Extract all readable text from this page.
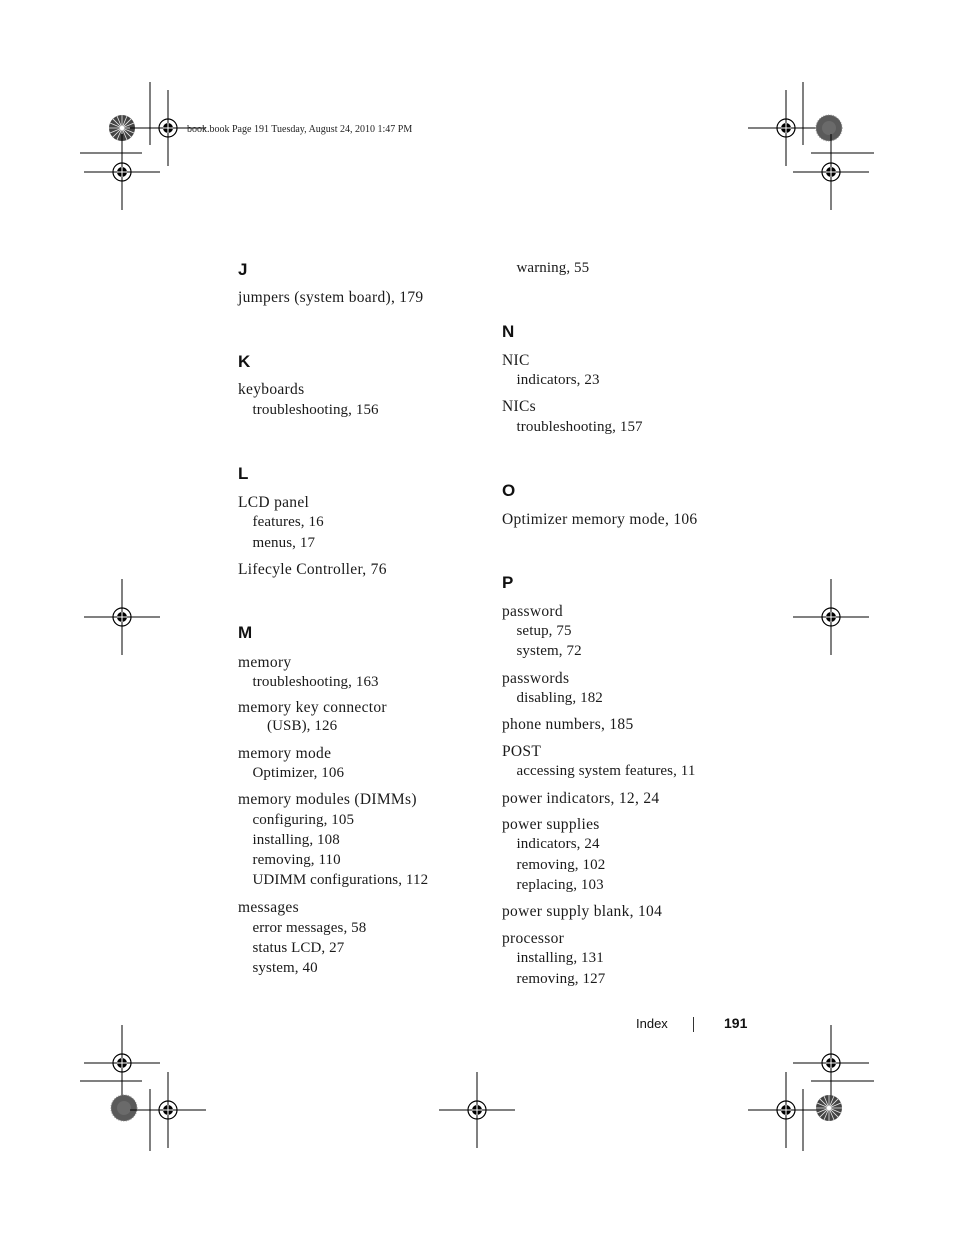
book.book Page 191 Tuesday, August 24, 2010 1:47 PM
Index	191
J
jumpers (system board), 179
K
keyboards
troubleshooting, 156
L
LCD panel
features, 16
menus, 17
Lifecyle Controller, 76
M
memory
troubleshooting, 163
memory key connector
(USB), 126
memory mode
Optimizer, 106
memory modules (DIMMs)
configuring, 105
installing, 108
removing, 110
UDIMM configurations, 112
messages
error messages, 58
status LCD, 27
system, 40
warning, 55
N
NIC
indicators, 23
NICs
troubleshooting, 157
O
Optimizer memory mode, 106
P
password
setup, 75
system, 72
passwords
disabling, 182
phone numbers, 185
POST
accessing system features, 11
power indicators, 12, 24
power supplies
indicators, 24
removing, 102
replacing, 103
power supply blank, 104
processor
installing, 131
removing, 127
